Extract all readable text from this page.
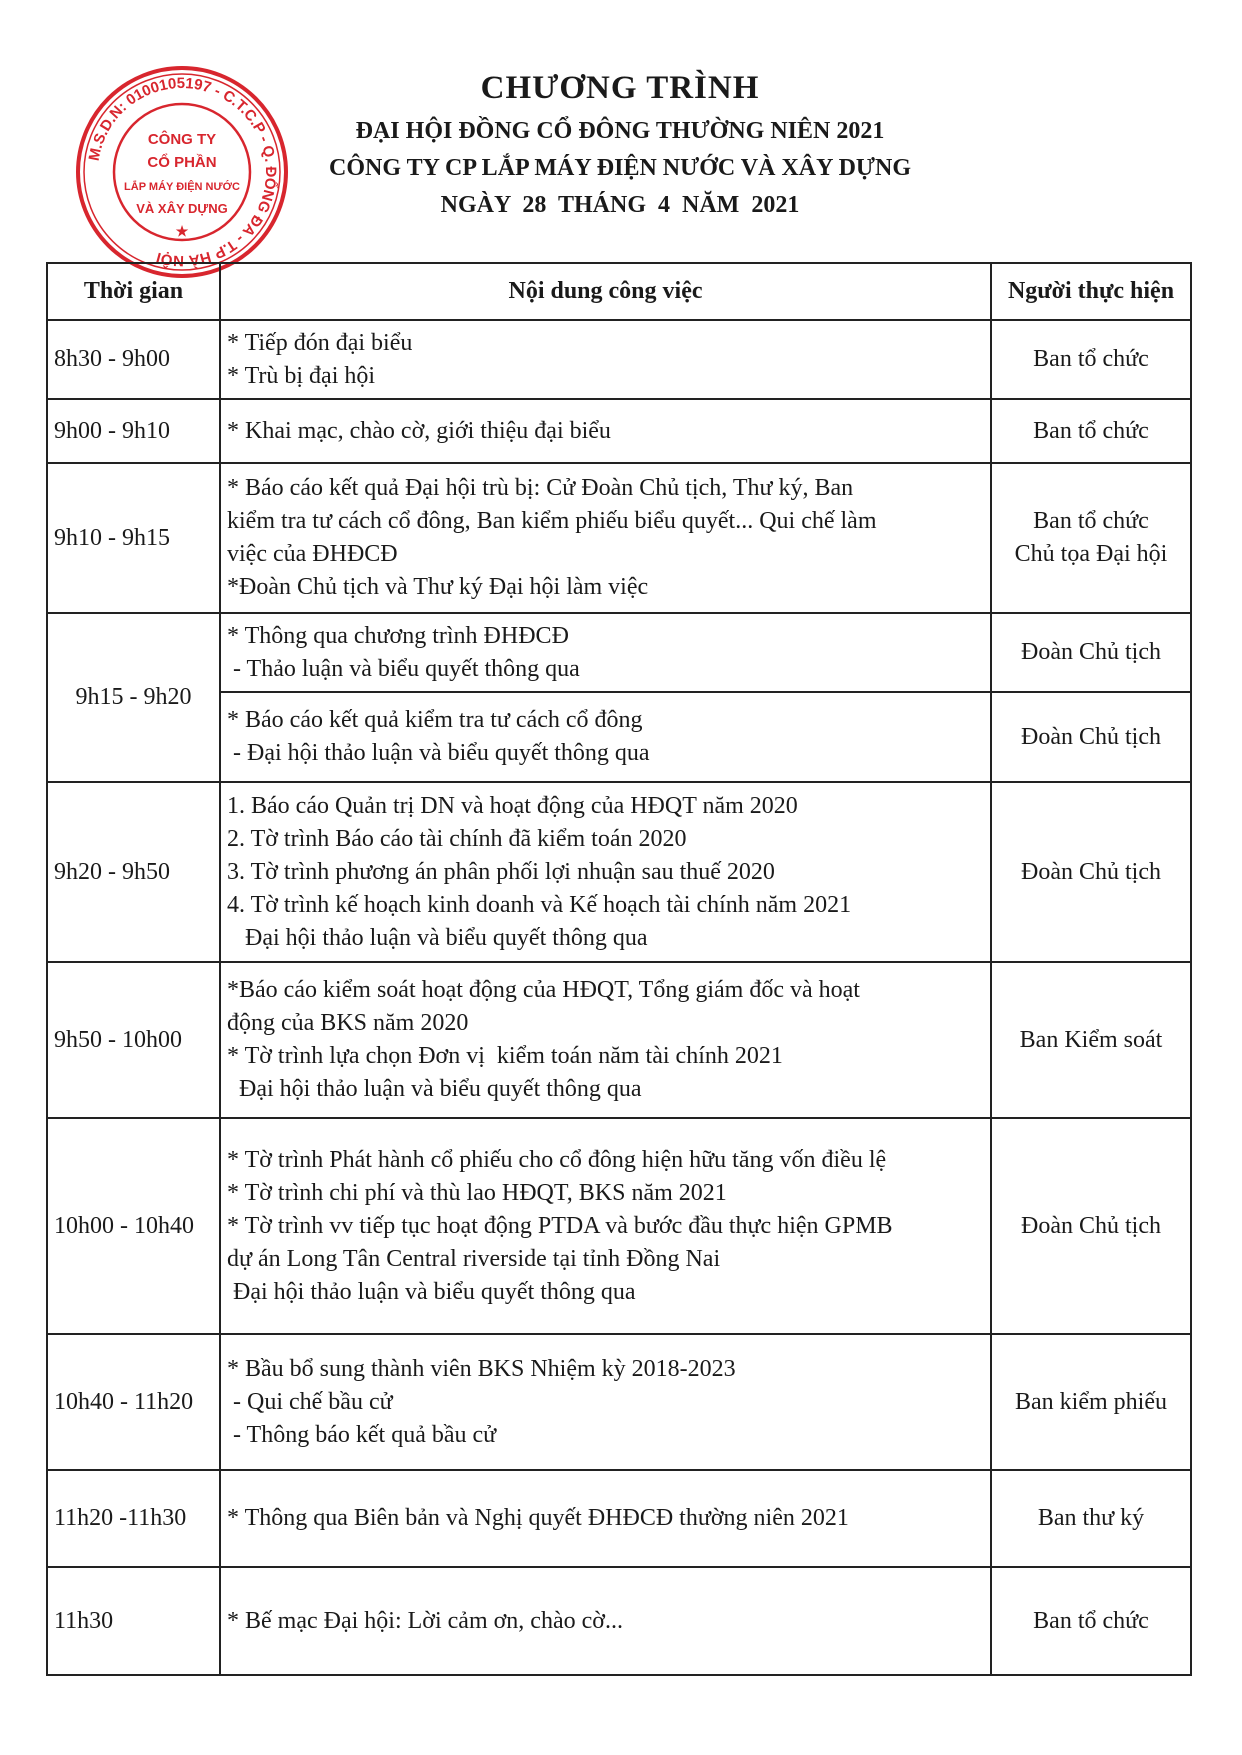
M.S.D.N: 0100105197 - C.T.C.P - Q. ĐỐNG ĐA - T.P HÀ NỘI
CÔNG TY
CỔ PHẦN
LẮP MÁY ĐIỆN NƯỚC
VÀ XÂY DỰNG
★
CHƯƠNG TRÌNH
ĐẠI HỘI ĐỒNG CỔ ĐÔNG THƯỜNG NIÊN 2021
CÔNG TY CP LẮP MÁY ĐIỆN NƯỚC VÀ XÂY DỰNG
NGÀY 28 THÁNG 4 NĂM 2021
Thời gian	Nội dung công việc	Người thực hiện
8h30 - 9h00	* Tiếp đón đại biểu
* Trù bị đại hội	Ban tổ chức

9h00 - 9h10	* Khai mạc, chào cờ, giới thiệu đại biểu	Ban tổ chức

9h10 - 9h15	* Báo cáo kết quả Đại hội trù bị: Cử Đoàn Chủ tịch, Thư ký, Ban
kiểm tra tư cách cổ đông, Ban kiểm phiếu biểu quyết... Qui chế làm
việc của ĐHĐCĐ
*Đoàn Chủ tịch và Thư ký Đại hội làm việc	Ban tổ chức
Chủ tọa Đại hội

9h15 - 9h20	* Thông qua chương trình ĐHĐCĐ
- Thảo luận và biểu quyết thông qua	Đoàn Chủ tịch

	* Báo cáo kết quả kiểm tra tư cách cổ đông
- Đại hội thảo luận và biểu quyết thông qua	Đoàn Chủ tịch

9h20 - 9h50	1. Báo cáo Quản trị DN và hoạt động của HĐQT năm 2020
2. Tờ trình Báo cáo tài chính đã kiểm toán 2020
3. Tờ trình phương án phân phối lợi nhuận sau thuế 2020
4. Tờ trình kế hoạch kinh doanh và Kế hoạch tài chính năm 2021
Đại hội thảo luận và biểu quyết thông qua	Đoàn Chủ tịch

9h50 - 10h00	*Báo cáo kiểm soát hoạt động của HĐQT, Tổng giám đốc và hoạt
động của BKS năm 2020
* Tờ trình lựa chọn Đơn vị  kiểm toán năm tài chính 2021
Đại hội thảo luận và biểu quyết thông qua	Ban Kiểm soát

10h00 - 10h40	* Tờ trình Phát hành cổ phiếu cho cổ đông hiện hữu tăng vốn điều lệ
* Tờ trình chi phí và thù lao HĐQT, BKS năm 2021
* Tờ trình vv tiếp tục hoạt động PTDA và bước đầu thực hiện GPMB
dự án Long Tân Central riverside tại tỉnh Đồng Nai
Đại hội thảo luận và biểu quyết thông qua	Đoàn Chủ tịch

10h40 - 11h20	* Bầu bổ sung thành viên BKS Nhiệm kỳ 2018-2023
- Qui chế bầu cử
- Thông báo kết quả bầu cử	Ban kiểm phiếu

11h20 -11h30	* Thông qua Biên bản và Nghị quyết ĐHĐCĐ thường niên 2021	Ban thư ký

11h30	* Bế mạc Đại hội: Lời cảm ơn, chào cờ...	Ban tổ chức
